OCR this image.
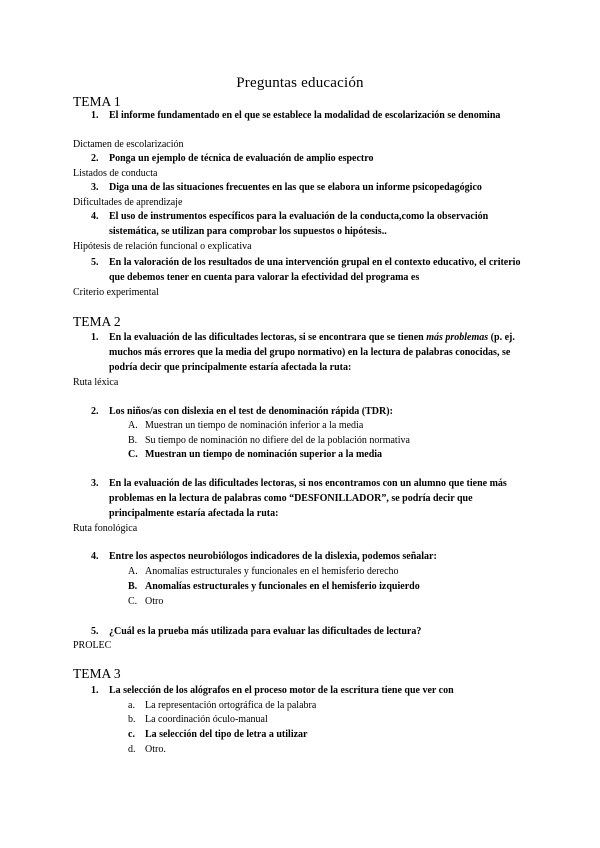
Preguntas educación
TEMA 1
1.	El informe fundamentado en el que se establece la modalidad de escolarización se denomina
Dictamen de escolarización
2.	Ponga un ejemplo de técnica de evaluación de amplio espectro
Listados de conducta
3.	Diga una de las situaciones frecuentes en las que se elabora un informe psicopedagógico
Dificultades de aprendizaje
4.	El uso de instrumentos específicos para la evaluación de la conducta,como la observación sistemática, se utilizan para comprobar los supuestos o hipótesis..
Hipótesis de relación funcional o explicativa
5.	En la valoración de los resultados de una intervención grupal en el contexto educativo, el criterio que debemos tener en cuenta para valorar la efectividad del programa es
Criterio experimental
TEMA 2
1.	En la evaluación de las dificultades lectoras, si se encontrara que se tienen más problemas (p. ej. muchos más errores que la media del grupo normativo) en la lectura de palabras conocidas, se podría decir que principalmente estaría afectada la ruta:
Ruta léxica
2.	Los niños/as con dislexia en el test de denominación rápida (TDR):
A. Muestran un tiempo de nominación inferior a la media
B. Su tiempo de nominación no difiere del de la población normativa
C. Muestran un tiempo de nominación superior a la media
3.	En la evaluación de las dificultades lectoras, si nos encontramos con un alumno que tiene más problemas en la lectura de palabras como “DESFONILLADOR”, se podría decir que principalmente estaría afectada la ruta:
Ruta fonológica
4.	Entre los aspectos neurobiólogos indicadores de la dislexia, podemos señalar:
A. Anomalías estructurales y funcionales en el hemisferio derecho
B. Anomalías estructurales y funcionales en el hemisferio izquierdo
C. Otro
5.	¿Cuál es la prueba más utilizada para evaluar las dificultades de lectura?
PROLEC
TEMA 3
1.	La selección de los alógrafos en el proceso motor de la escritura tiene que ver con
a.	La representación ortográfica de la palabra
b. La coordinación óculo-manual
c.	La selección del tipo de letra a utilizar
d. Otro.
